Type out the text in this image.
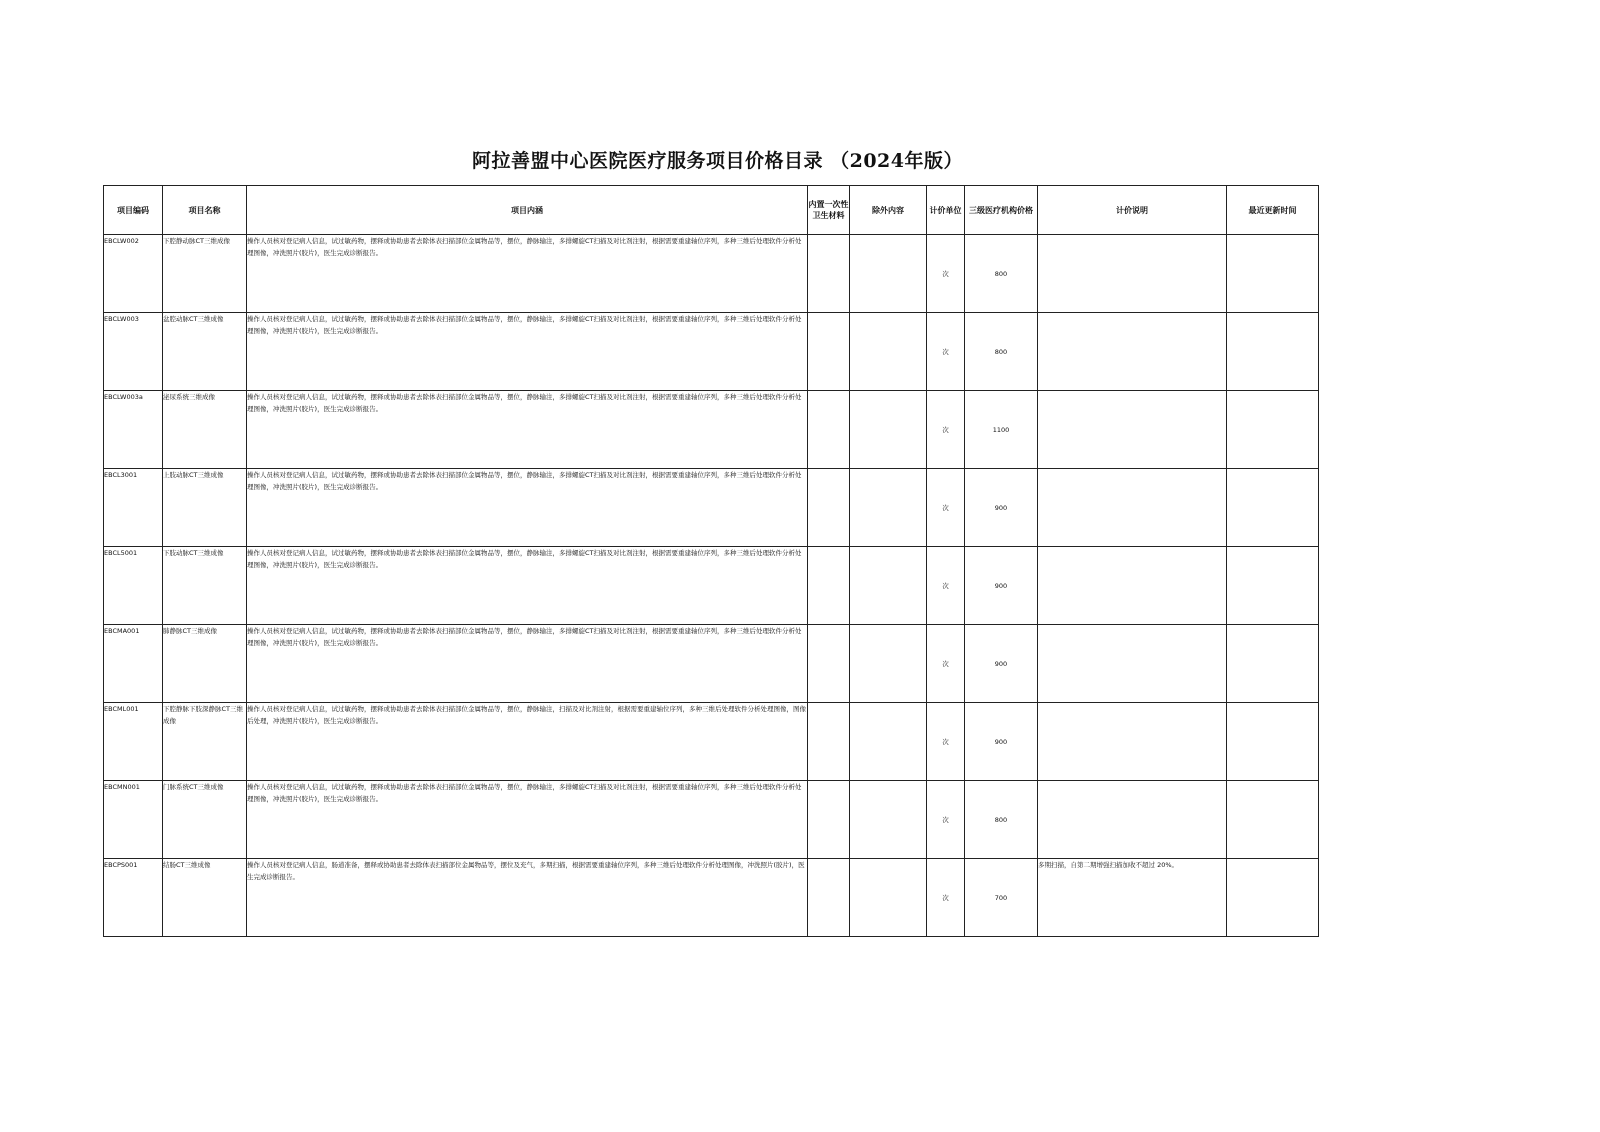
阿拉善盟中心医院医疗服务项目价格目录 （2024年版）
项目编码	项目名称	项目内涵	内置一次性卫生材料	除外内容	计价单位	三级医疗机构价格	计价说明	最近更新时间
EBCLW002	下腔静动脉CT三维成像	操作人员核对登记病人信息，试过敏药物，摆释或协助患者去除体表扫描部位金属物品等，摆位，静脉输注，多排螺旋CT扫描及对比剂注射，根据需要重建轴位序列，多种三维后处理软件分析处理图像，冲洗照片(胶片)，医生完成诊断报告。			次	800		
EBCLW003	盆腔动脉CT三维成像	操作人员核对登记病人信息，试过敏药物，摆释或协助患者去除体表扫描部位金属物品等，摆位，静脉输注，多排螺旋CT扫描及对比剂注射，根据需要重建轴位序列，多种三维后处理软件分析处理图像，冲洗照片(胶片)，医生完成诊断报告。			次	800		
EBCLW003a	泌尿系统三维成像	操作人员核对登记病人信息，试过敏药物，摆释或协助患者去除体表扫描部位金属物品等，摆位，静脉输注，多排螺旋CT扫描及对比剂注射，根据需要重建轴位序列，多种三维后处理软件分析处理图像，冲洗照片(胶片)，医生完成诊断报告。			次	1100		
EBCL3001	上肢动脉CT三维成像	操作人员核对登记病人信息，试过敏药物，摆释或协助患者去除体表扫描部位金属物品等，摆位，静脉输注，多排螺旋CT扫描及对比剂注射，根据需要重建轴位序列，多种三维后处理软件分析处理图像，冲洗照片(胶片)，医生完成诊断报告。			次	900		
EBCL5001	下肢动脉CT三维成像	操作人员核对登记病人信息，试过敏药物，摆释或协助患者去除体表扫描部位金属物品等，摆位，静脉输注，多排螺旋CT扫描及对比剂注射，根据需要重建轴位序列，多种三维后处理软件分析处理图像，冲洗照片(胶片)，医生完成诊断报告。			次	900		
EBCMA001	肺静脉CT三维成像	操作人员核对登记病人信息，试过敏药物，摆释或协助患者去除体表扫描部位金属物品等，摆位，静脉输注，多排螺旋CT扫描及对比剂注射，根据需要重建轴位序列，多种三维后处理软件分析处理图像，冲洗照片(胶片)，医生完成诊断报告。			次	900		
EBCML001	下腔静脉下肢深静脉CT三维成像	操作人员核对登记病人信息，试过敏药物，摆释或协助患者去除体表扫描部位金属物品等，摆位，静脉输注，扫描及对比剂注射，根据需要重建轴位序列，多种三维后处理软件分析处理图像，图像后处理，冲洗照片(胶片)，医生完成诊断报告。			次	900		
EBCMN001	门脉系统CT三维成像	操作人员核对登记病人信息，试过敏药物，摆释或协助患者去除体表扫描部位金属物品等，摆位，静脉输注，多排螺旋CT扫描及对比剂注射，根据需要重建轴位序列，多种三维后处理软件分析处理图像，冲洗照片(胶片)，医生完成诊断报告。			次	800		
EBCPS001	结肠CT三维成像	操作人员核对登记病人信息，肠道准备，摆释或协助患者去除体表扫描部位金属物品等，摆位及充气，多期扫描，根据需要重建轴位序列，多种三维后处理软件分析处理图像，冲洗照片(胶片)，医生完成诊断报告。			次	700	多期扫描，自第二期增强扫描加收不超过 20%。	
